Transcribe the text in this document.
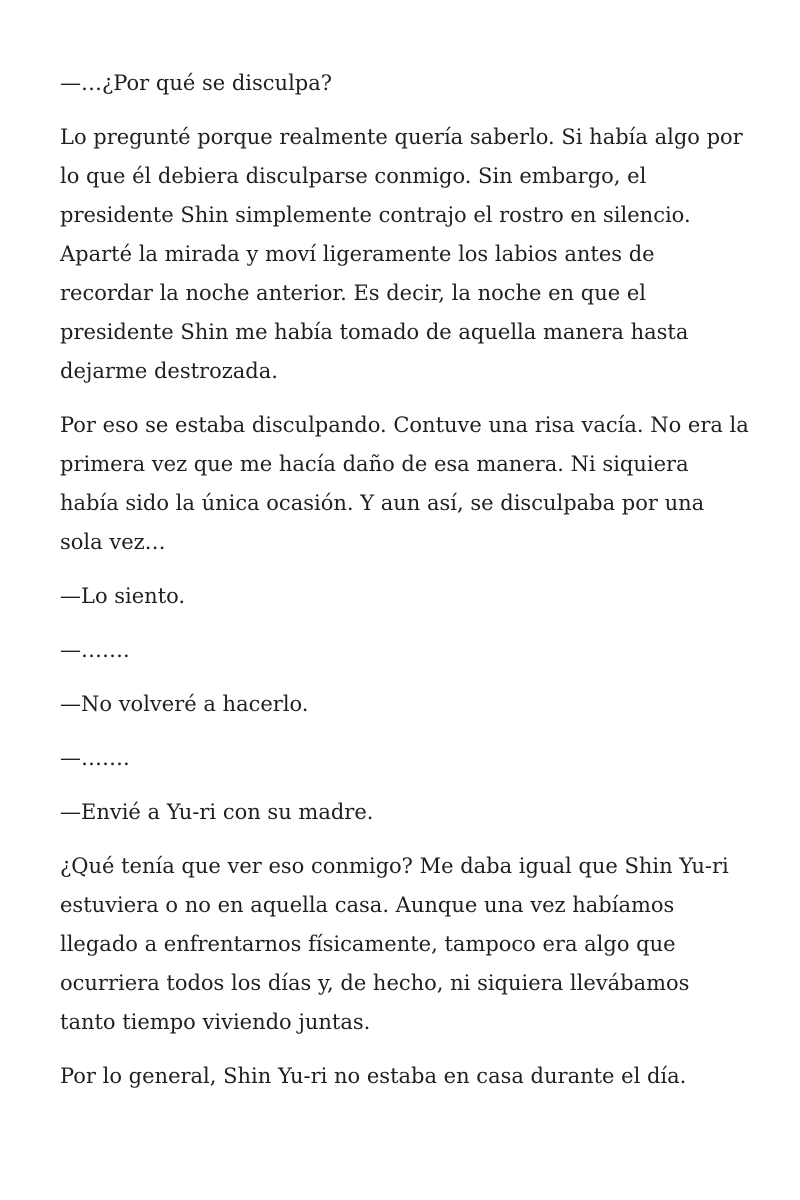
—…¿Por qué se disculpa?

Lo pregunté porque realmente quería saberlo. Si había algo por lo que él debiera disculparse conmigo. Sin embargo, el presidente Shin simplemente contrajo el rostro en silencio. Aparté la mirada y moví ligeramente los labios antes de recordar la noche anterior. Es decir, la noche en que el presidente Shin me había tomado de aquella manera hasta dejarme destrozada.

Por eso se estaba disculpando. Contuve una risa vacía. No era la primera vez que me hacía daño de esa manera. Ni siquiera había sido la única ocasión. Y aun así, se disculpaba por una sola vez…

—Lo siento.

—…….

—No volveré a hacerlo.

—…….

—Envié a Yu-ri con su madre.

¿Qué tenía que ver eso conmigo? Me daba igual que Shin Yu-ri estuviera o no en aquella casa. Aunque una vez habíamos llegado a enfrentarnos físicamente, tampoco era algo que ocurriera todos los días y, de hecho, ni siquiera llevábamos tanto tiempo viviendo juntas.

Por lo general, Shin Yu-ri no estaba en casa durante el día.
